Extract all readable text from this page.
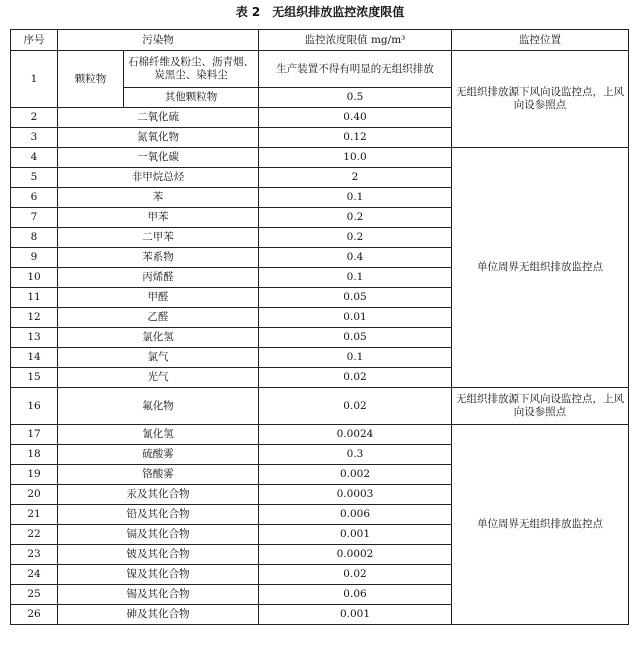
表 2　无组织排放监控浓度限值
序号	污染物		监控浓度限值 mg/m³	监控位置
1	颗粒物	石棉纤维及粉尘、沥青烟、炭黑尘、染料尘	生产装置不得有明显的无组织排放	无组织排放源下风向设监控点，上风向设参照点
		其他颗粒物	0.5	
2	二氧化硫		0.40	
3	氮氧化物		0.12	
4	一氧化碳		10.0	单位周界无组织排放监控点
5	非甲烷总烃		2	
6	苯		0.1	
7	甲苯		0.2	
8	二甲苯		0.2	
9	苯系物		0.4	
10	丙烯醛		0.1	
11	甲醛		0.05	
12	乙醛		0.01	
13	氯化氢		0.05	
14	氯气		0.1	
15	光气		0.02	
16	氟化物		0.02	无组织排放源下风向设监控点，上风向设参照点
17	氰化氢		0.0024	单位周界无组织排放监控点
18	硫酸雾		0.3	
19	铬酸雾		0.002	
20	汞及其化合物		0.0003	
21	铅及其化合物		0.006	
22	镉及其化合物		0.001	
23	铍及其化合物		0.0002	
24	镍及其化合物		0.02	
25	锡及其化合物		0.06	
26	砷及其化合物		0.001	
